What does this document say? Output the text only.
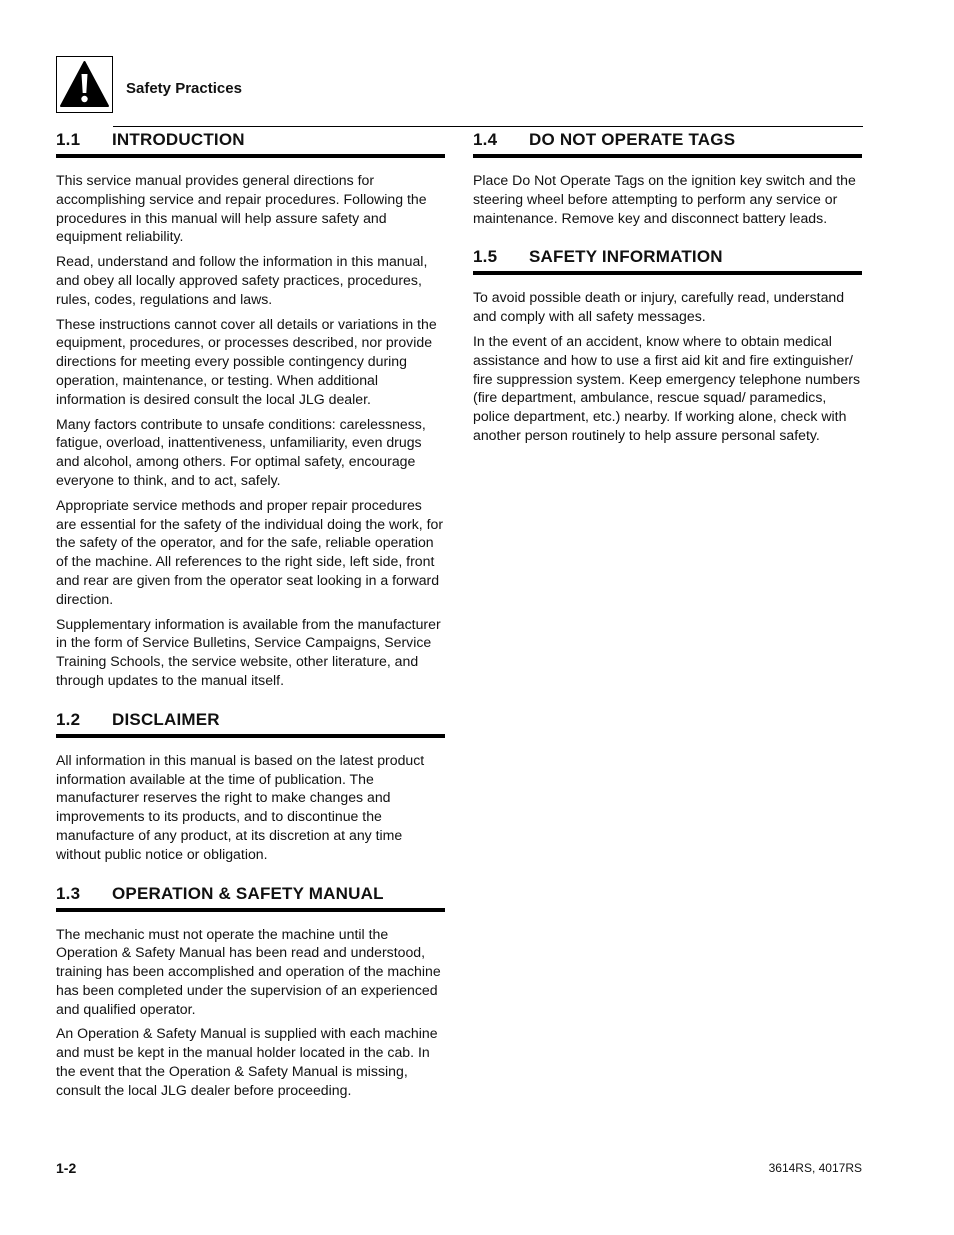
Safety Practices
1.1	INTRODUCTION

This service manual provides general directions for accomplishing service and repair procedures. Following the procedures in this manual will help assure safety and equipment reliability.

Read, understand and follow the information in this manual, and obey all locally approved safety practices, procedures, rules, codes, regulations and laws.

These instructions cannot cover all details or variations in the equipment, procedures, or processes described, nor provide directions for meeting every possible contingency during operation, maintenance, or testing. When additional information is desired consult the local JLG dealer.

Many factors contribute to unsafe conditions: carelessness, fatigue, overload, inattentiveness, unfamiliarity, even drugs and alcohol, among others. For optimal safety, encourage everyone to think, and to act, safely.

Appropriate service methods and proper repair procedures are essential for the safety of the individual doing the work, for the safety of the operator, and for the safe, reliable operation of the machine. All references to the right side, left side, front and rear are given from the operator seat looking in a forward direction.

Supplementary information is available from the manufacturer in the form of Service Bulletins, Service Campaigns, Service Training Schools, the service website, other literature, and through updates to the manual itself.

1.2	DISCLAIMER

All information in this manual is based on the latest product information available at the time of publication. The manufacturer reserves the right to make changes and improvements to its products, and to discontinue the manufacture of any product, at its discretion at any time without public notice or obligation.

1.3	OPERATION & SAFETY MANUAL

The mechanic must not operate the machine until the Operation & Safety Manual has been read and understood, training has been accomplished and operation of the machine has been completed under the supervision of an experienced and qualified operator.

An Operation & Safety Manual is supplied with each machine and must be kept in the manual holder located in the cab. In the event that the Operation & Safety Manual is missing, consult the local JLG dealer before proceeding.

1.4	DO NOT OPERATE TAGS

Place Do Not Operate Tags on the ignition key switch and the steering wheel before attempting to perform any service or maintenance. Remove key and disconnect battery leads.

1.5	SAFETY INFORMATION

To avoid possible death or injury, carefully read, understand and comply with all safety messages.

In the event of an accident, know where to obtain medical assistance and how to use a first aid kit and fire extinguisher/ fire suppression system. Keep emergency telephone numbers (fire department, ambulance, rescue squad/ paramedics, police department, etc.) nearby. If working alone, check with another person routinely to help assure personal safety.

1-2	3614RS, 4017RS
